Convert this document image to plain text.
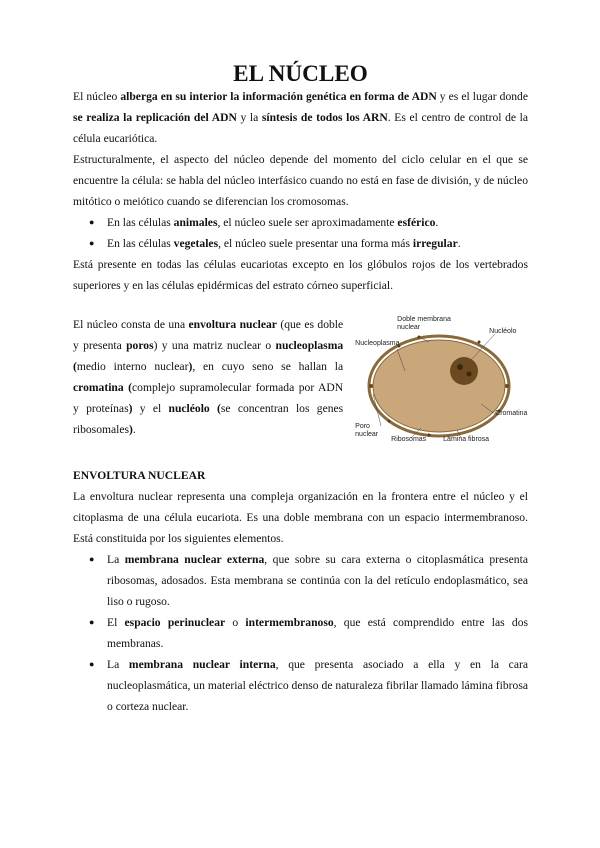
EL NÚCLEO

El núcleo alberga en su interior la información genética en forma de ADN y es el lugar donde se realiza la replicación del ADN y la síntesis de todos los ARN. Es el centro de control de la célula eucariótica.

Estructuralmente, el aspecto del núcleo depende del momento del ciclo celular en el que se encuentre la célula: se habla del núcleo interfásico cuando no está en fase de división, y de núcleo mitótico o meiótico cuando se diferencian los cromosomas.

● En las células animales, el núcleo suele ser aproximadamente esférico.
● En las células vegetales, el núcleo suele presentar una forma más irregular.

Está presente en todas las células eucariotas excepto en los glóbulos rojos de los vertebrados superiores y en las células epidérmicas del estrato córneo superficial.

El núcleo consta de una envoltura nuclear (que es doble y presenta poros) y una matriz nuclear o nucleoplasma (medio interno nuclear), en cuyo seno se hallan la cromatina (complejo supramolecular formada por ADN y proteínas) y el nucléolo (se concentran los genes ribosomales).

Doble membrana nuclear
Nucleoplasma
Nucléolo
Cromatina
Poro nuclear
Ribosomas Lámina fibrosa
ENVOLTURA NUCLEAR

La envoltura nuclear representa una compleja organización en la frontera entre el núcleo y el citoplasma de una célula eucariota. Es una doble membrana con un espacio intermembranoso. Está constituida por los siguientes elementos.

● La membrana nuclear externa, que sobre su cara externa o citoplasmática presenta ribosomas, adosados. Esta membrana se continúa con la del retículo endoplasmático, sea liso o rugoso.
● El espacio perinuclear o intermembranoso, que está comprendido entre las dos membranas.
● La membrana nuclear interna, que presenta asociado a ella y en la cara nucleoplasmática, un material eléctrico denso de naturaleza fibrilar llamado lámina fibrosa o corteza nuclear.
